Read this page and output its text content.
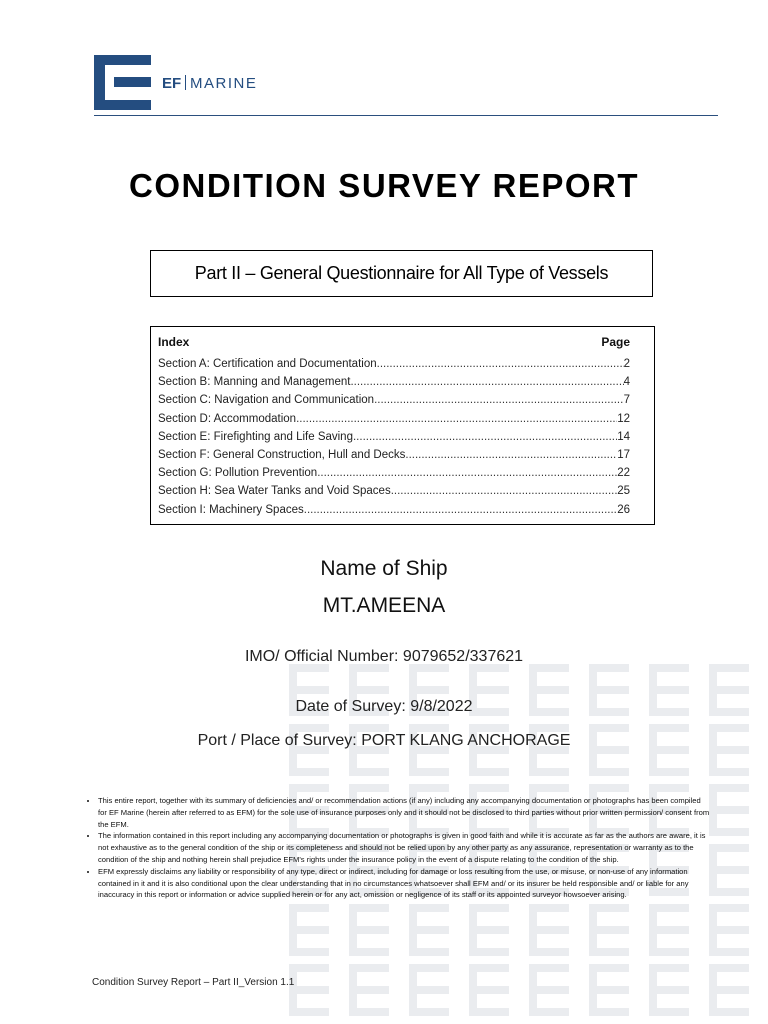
EF MARINE
CONDITION SURVEY REPORT
Part II – General Questionnaire for All Type of Vessels
Index	Page
Section A: Certification and Documentation .....	2
Section B: Manning and Management .....	4
Section C: Navigation and Communication .....	7
Section D: Accommodation .....	12
Section E: Firefighting and Life Saving .....	14
Section F: General Construction, Hull and Decks .....	17
Section G: Pollution Prevention .....	22
Section H: Sea Water Tanks and Void Spaces .....	25
Section I: Machinery Spaces .....	26
Name of Ship
MT.AMEENA
IMO/ Official Number: 9079652/337621
Date of Survey: 9/8/2022
Port / Place of Survey: PORT KLANG ANCHORAGE
• This entire report, together with its summary of deficiencies and/ or recommendation actions (if any) including any accompanying documentation or photographs has been compiled for EF Marine (herein after referred to as EFM) for the sole use of insurance purposes only and it should not be disclosed to third parties without prior written permission/ consent from the EFM.
• The information contained in this report including any accompanying documentation or photographs is given in good faith and while it is accurate as far as the authors are aware, it is not exhaustive as to the general condition of the ship or its completeness and should not be relied upon by any other party as any assurance, representation or warranty as to the condition of the ship and nothing herein shall prejudice EFM's rights under the insurance policy in the event of a dispute relating to the condition of the ship.
• EFM expressly disclaims any liability or responsibility of any type, direct or indirect, including for damage or loss resulting from the use, or misuse, or non-use of any information contained in it and it is also conditional upon the clear understanding that in no circumstances whatsoever shall EFM and/ or its insurer be held responsible and/ or liable for any inaccuracy in this report or information or advice supplied herein or for any act, omission or negligence of its staff or its appointed surveyor howsoever arising.
Condition Survey Report – Part II_Version 1.1
